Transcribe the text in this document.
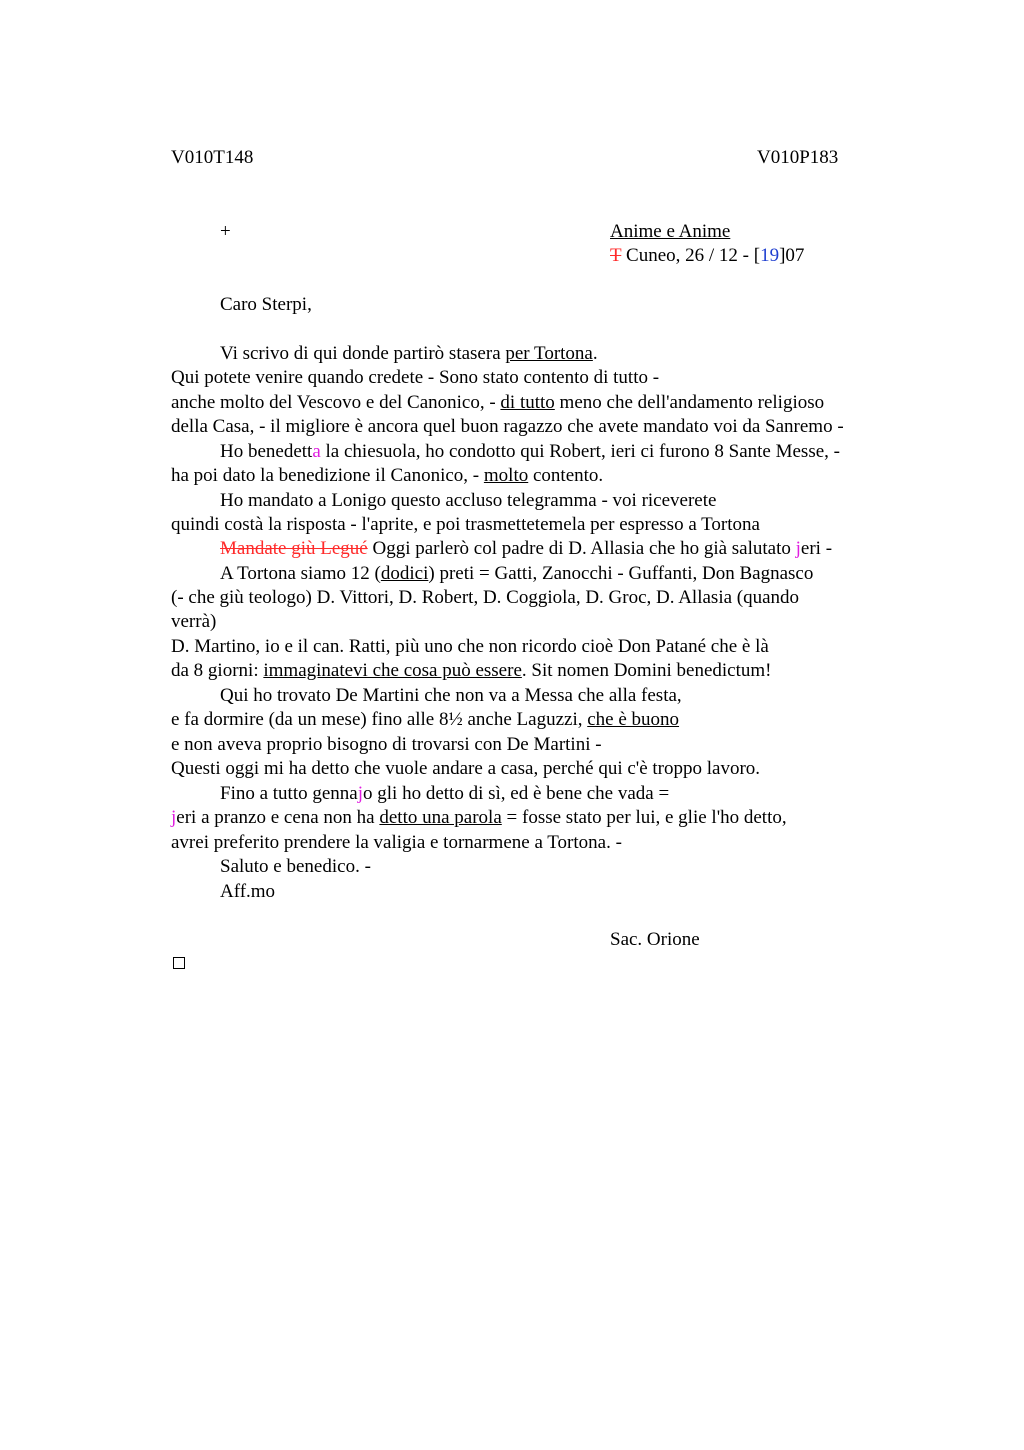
V010T148	V010P183
+	Anime e Anime
T Cuneo, 26 / 12 - [19]07
Caro Sterpi,
Vi scrivo di qui donde partirò stasera per Tortona.
Qui potete venire quando credete - Sono stato contento di tutto -
anche molto del Vescovo e del Canonico, - di tutto meno che dell'andamento religioso
della Casa, - il migliore è ancora quel buon ragazzo che avete mandato voi da Sanremo -
Ho benedetta la chiesuola, ho condotto qui Robert, ieri ci furono 8 Sante Messe, -
ha poi dato la benedizione il Canonico, - molto contento.
Ho mandato a Lonigo questo accluso telegramma - voi riceverete
quindi costà la risposta - l'aprite, e poi trasmettetemela per espresso a Tortona
Mandate giù Legué Oggi parlerò col padre di D. Allasia che ho già salutato jeri -
A Tortona siamo 12 (dodici) preti = Gatti, Zanocchi - Guffanti, Don Bagnasco
(- che giù teologo) D. Vittori, D. Robert, D. Coggiola, D. Groc, D. Allasia (quando
verrà)
D. Martino, io e il can. Ratti, più uno che non ricordo cioè Don Patané che è là
da 8 giorni: immaginatevi che cosa può essere. Sit nomen Domini benedictum!
Qui ho trovato De Martini che non va a Messa che alla festa,
e fa dormire (da un mese) fino alle 8½ anche Laguzzi, che è buono
e non aveva proprio bisogno di trovarsi con De Martini -
Questi oggi mi ha detto che vuole andare a casa, perché qui c'è troppo lavoro.
Fino a tutto gennajo gli ho detto di sì, ed è bene che vada =
jeri a pranzo e cena non ha detto una parola = fosse stato per lui, e glie l'ho detto,
avrei preferito prendere la valigia e tornarmene a Tortona. -
Saluto e benedico. -
Aff.mo
Sac. Orione
